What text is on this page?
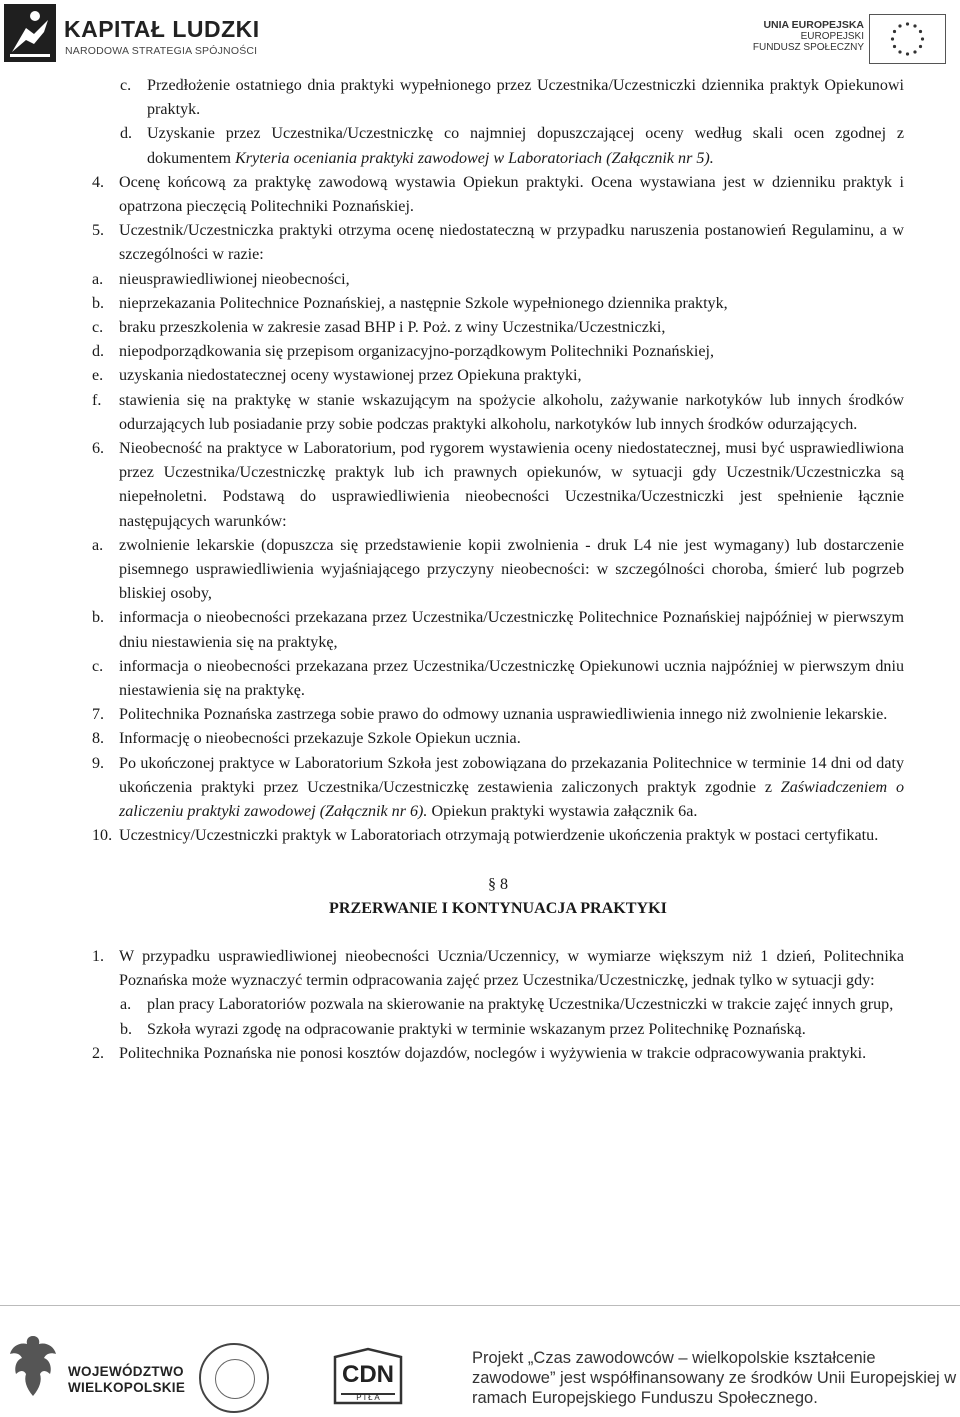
KAPITAŁ LUDZKI
NARODOWA STRATEGIA SPÓJNOŚCI
UNIA EUROPEJSKA
EUROPEJSKI
FUNDUSZ SPOŁECZNY
c. Przedłożenie ostatniego dnia praktyki wypełnionego przez Uczestnika/Uczestniczki dziennika praktyk Opiekunowi praktyk.
d. Uzyskanie przez Uczestnika/Uczestniczkę co najmniej dopuszczającej oceny według skali ocen zgodnej z dokumentem Kryteria oceniania praktyki zawodowej w Laboratoriach (Załącznik nr 5).
4. Ocenę końcową za praktykę zawodową wystawia Opiekun praktyki. Ocena wystawiana jest w dzienniku praktyk i opatrzona pieczęcią Politechniki Poznańskiej.
5. Uczestnik/Uczestniczka praktyki otrzyma ocenę niedostateczną w przypadku naruszenia postanowień Regulaminu, a w szczególności w razie:
a. nieusprawiedliwionej nieobecności,
b. nieprzekazania Politechnice Poznańskiej, a następnie Szkole wypełnionego dziennika praktyk,
c. braku przeszkolenia w zakresie zasad BHP i P. Poż. z winy Uczestnika/Uczestniczki,
d. niepodporządkowania się przepisom organizacyjno-porządkowym Politechniki Poznańskiej,
e. uzyskania niedostatecznej oceny wystawionej przez Opiekuna praktyki,
f. stawienia się na praktykę w stanie wskazującym na spożycie alkoholu, zażywanie narkotyków lub innych środków odurzających lub posiadanie przy sobie podczas praktyki alkoholu, narkotyków lub innych środków odurzających.
6. Nieobecność na praktyce w Laboratorium, pod rygorem wystawienia oceny niedostatecznej, musi być usprawiedliwiona przez Uczestnika/Uczestniczkę praktyk lub ich prawnych opiekunów, w sytuacji gdy Uczestnik/Uczestniczka są niepełnoletni. Podstawą do usprawiedliwienia nieobecności Uczestnika/Uczestniczki jest spełnienie łącznie następujących warunków:
a. zwolnienie lekarskie (dopuszcza się przedstawienie kopii zwolnienia - druk L4 nie jest wymagany) lub dostarczenie pisemnego usprawiedliwienia wyjaśniającego przyczyny nieobecności: w szczególności choroba, śmierć lub pogrzeb bliskiej osoby,
b. informacja o nieobecności przekazana przez Uczestnika/Uczestniczkę Politechnice Poznańskiej najpóźniej w pierwszym dniu niestawienia się na praktykę,
c. informacja o nieobecności przekazana przez Uczestnika/Uczestniczkę Opiekunowi ucznia najpóźniej w pierwszym dniu niestawienia się na praktykę.
7. Politechnika Poznańska zastrzega sobie prawo do odmowy uznania usprawiedliwienia innego niż zwolnienie lekarskie.
8. Informację o nieobecności przekazuje Szkole Opiekun ucznia.
9. Po ukończonej praktyce w Laboratorium Szkoła jest zobowiązana do przekazania Politechnice w terminie 14 dni od daty ukończenia praktyki przez Uczestnika/Uczestniczkę zestawienia zaliczonych praktyk zgodnie z Zaświadczeniem o zaliczeniu praktyki zawodowej (Załącznik nr 6). Opiekun praktyki wystawia załącznik 6a.
10. Uczestnicy/Uczestniczki praktyk w Laboratoriach otrzymają potwierdzenie ukończenia praktyk w postaci certyfikatu.
§ 8
PRZERWANIE I KONTYNUACJA PRAKTYKI
1. W przypadku usprawiedliwionej nieobecności Ucznia/Uczennicy, w wymiarze większym niż 1 dzień, Politechnika Poznańska może wyznaczyć termin odpracowania zajęć przez Uczestnika/Uczestniczkę, jednak tylko w sytuacji gdy:
a. plan pracy Laboratoriów pozwala na skierowanie na praktykę Uczestnika/Uczestniczki w trakcie zajęć innych grup,
b. Szkoła wyrazi zgodę na odpracowanie praktyki w terminie wskazanym przez Politechnikę Poznańską.
2. Politechnika Poznańska nie ponosi kosztów dojazdów, noclegów i wyżywienia w trakcie odpracowywania praktyki.
WOJEWÓDZTWO
WIELKOPOLSKIE	CDN
P I Ł A
Projekt „Czas zawodowców – wielkopolskie kształcenie zawodowe” jest współfinansowany ze środków Unii Europejskiej w ramach Europejskiego Funduszu Społecznego.
